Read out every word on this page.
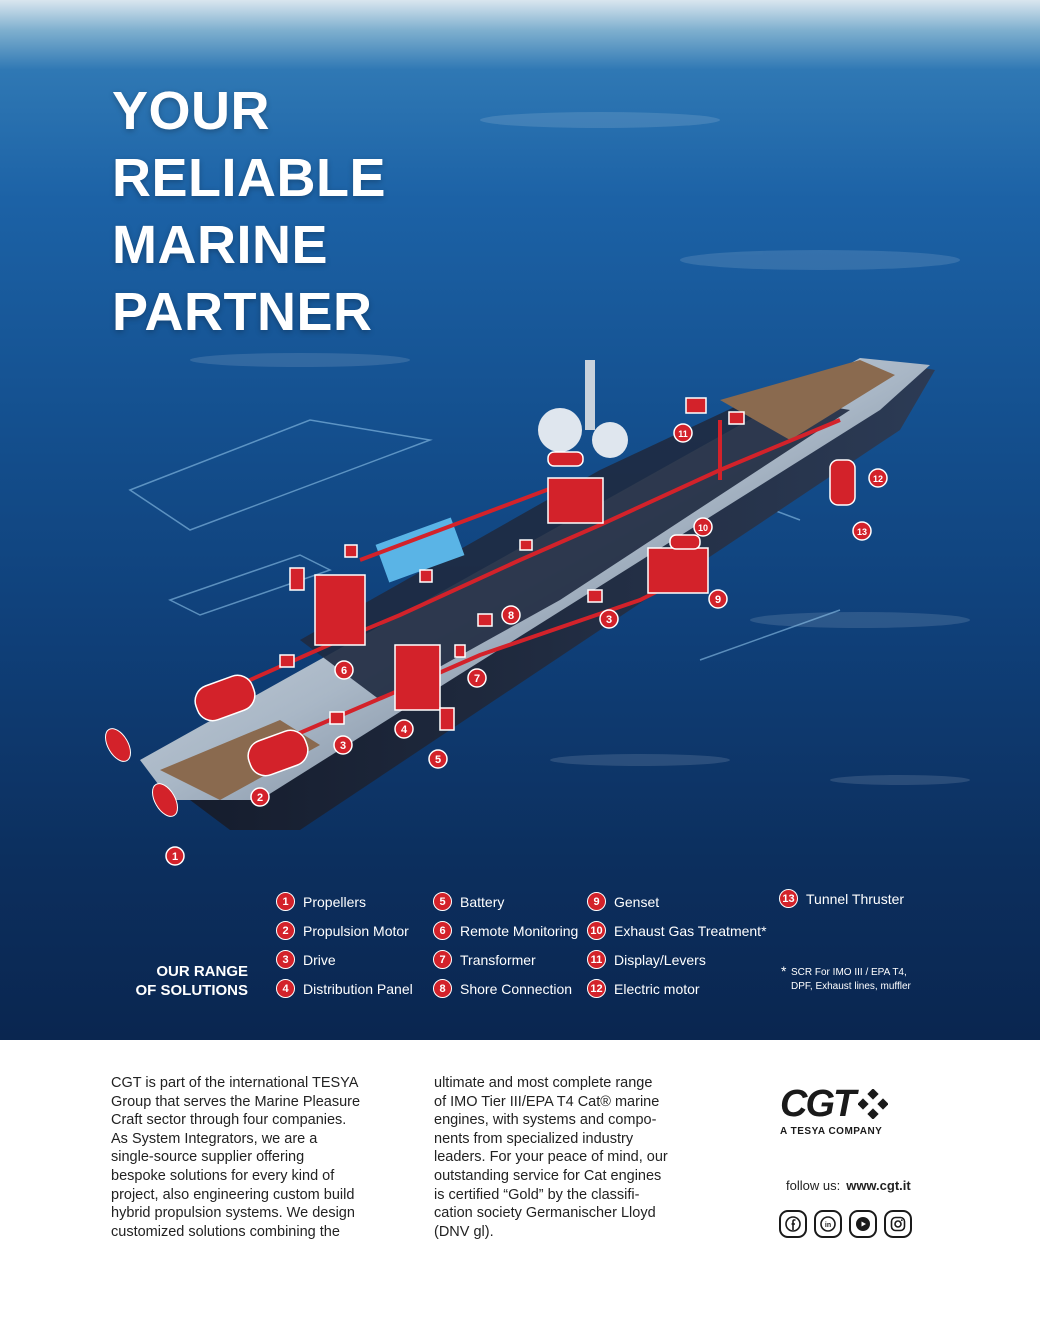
1
2
3
3
4
5
6
7
8
9
10
11
12
13
YOUR
RELIABLE
MARINE
PARTNER
OUR RANGE
OF SOLUTIONS
1	Propellers
2	Propulsion Motor
3	Drive
4	Distribution Panel
5	Battery
6	Remote Monitoring
7	Transformer
8	Shore Connection
9	Genset
10 Exhaust Gas Treatment*
11 Display/Levers
12 Electric motor
13 Tunnel Thruster
* SCR For IMO III / EPA T4,
DPF, Exhaust lines, muffler
CGT is part of the international TESYA
Group that serves the Marine Pleasure
Craft sector through four companies.
As System Integrators, we are a
single-source supplier offering
bespoke solutions for every kind of
project, also engineering custom build
hybrid propulsion systems. We design
customized solutions combining the
ultimate and most complete range
of IMO Tier III/EPA T4 Cat® marine
engines, with systems and compo-
nents from specialized industry
leaders. For your peace of mind, our
outstanding service for Cat engines
is certified “Gold” by the classifi-
cation society Germanischer Lloyd
(DNV gl).
CGT
A TESYA COMPANY
follow us: www.cgt.it
in
